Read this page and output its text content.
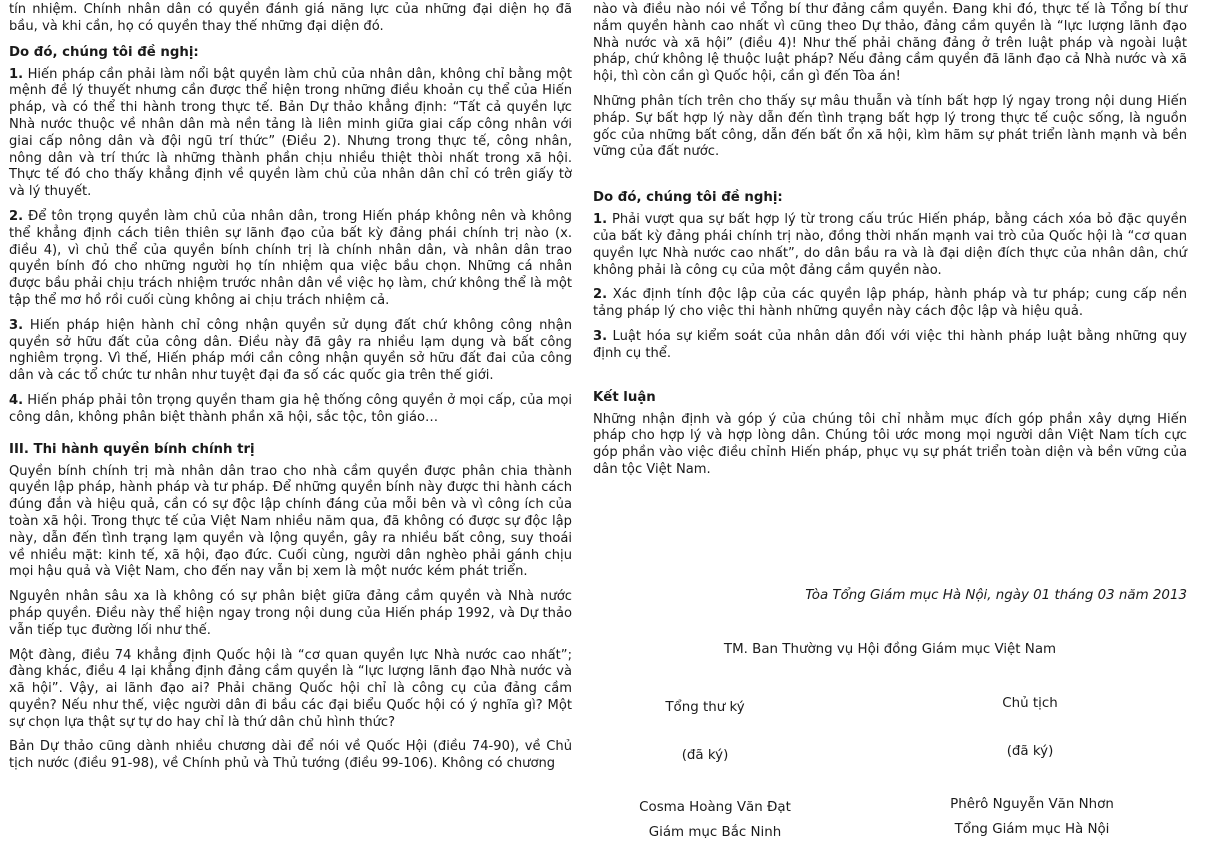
tín nhiệm. Chính nhân dân có quyền đánh giá năng lực của những đại diện họ đã bầu, và khi cần, họ có quyền thay thế những đại diện đó.

Do đó, chúng tôi đề nghị:

1. Hiến pháp cần phải làm nổi bật quyền làm chủ của nhân dân, không chỉ bằng một mệnh đề lý thuyết nhưng cần được thể hiện trong những điều khoản cụ thể của Hiến pháp, và có thể thi hành trong thực tế. Bản Dự thảo khẳng định: “Tất cả quyền lực Nhà nước thuộc về nhân dân mà nền tảng là liên minh giữa giai cấp công nhân với giai cấp nông dân và đội ngũ trí thức” (Điều 2). Nhưng trong thực tế, công nhân, nông dân và trí thức là những thành phần chịu nhiều thiệt thòi nhất trong xã hội. Thực tế đó cho thấy khẳng định về quyền làm chủ của nhân dân chỉ có trên giấy tờ và lý thuyết.

2. Để tôn trọng quyền làm chủ của nhân dân, trong Hiến pháp không nên và không thể khẳng định cách tiên thiên sự lãnh đạo của bất kỳ đảng phái chính trị nào (x. điều 4), vì chủ thể của quyền bính chính trị là chính nhân dân, và nhân dân trao quyền bính đó cho những người họ tín nhiệm qua việc bầu chọn. Những cá nhân được bầu phải chịu trách nhiệm trước nhân dân về việc họ làm, chứ không thể là một tập thể mơ hồ rồi cuối cùng không ai chịu trách nhiệm cả.

3. Hiến pháp hiện hành chỉ công nhận quyền sử dụng đất chứ không công nhận quyền sở hữu đất của công dân. Điều này đã gây ra nhiều lạm dụng và bất công nghiêm trọng. Vì thế, Hiến pháp mới cần công nhận quyền sở hữu đất đai của công dân và các tổ chức tư nhân như tuyệt đại đa số các quốc gia trên thế giới.

4. Hiến pháp phải tôn trọng quyền tham gia hệ thống công quyền ở mọi cấp, của mọi công dân, không phân biệt thành phần xã hội, sắc tộc, tôn giáo…

III. Thi hành quyền bính chính trị

Quyền bính chính trị mà nhân dân trao cho nhà cầm quyền được phân chia thành quyền lập pháp, hành pháp và tư pháp. Để những quyền bính này được thi hành cách đúng đắn và hiệu quả, cần có sự độc lập chính đáng của mỗi bên và vì công ích của toàn xã hội. Trong thực tế của Việt Nam nhiều năm qua, đã không có được sự độc lập này, dẫn đến tình trạng lạm quyền và lộng quyền, gây ra nhiều bất công, suy thoái về nhiều mặt: kinh tế, xã hội, đạo đức. Cuối cùng, người dân nghèo phải gánh chịu mọi hậu quả và Việt Nam, cho đến nay vẫn bị xem là một nước kém phát triển.

Nguyên nhân sâu xa là không có sự phân biệt giữa đảng cầm quyền và Nhà nước pháp quyền. Điều này thể hiện ngay trong nội dung của Hiến pháp 1992, và Dự thảo vẫn tiếp tục đường lối như thế.

Một đàng, điều 74 khẳng định Quốc hội là “cơ quan quyền lực Nhà nước cao nhất”; đàng khác, điều 4 lại khẳng định đảng cầm quyền là “lực lượng lãnh đạo Nhà nước và xã hội”. Vậy, ai lãnh đạo ai? Phải chăng Quốc hội chỉ là công cụ của đảng cầm quyền? Nếu như thế, việc người dân đi bầu các đại biểu Quốc hội có ý nghĩa gì? Một sự chọn lựa thật sự tự do hay chỉ là thứ dân chủ hình thức?

Bản Dự thảo cũng dành nhiều chương dài để nói về Quốc Hội (điều 74-90), về Chủ tịch nước (điều 91-98), về Chính phủ và Thủ tướng (điều 99-106). Không có chương

nào và điều nào nói về Tổng bí thư đảng cầm quyền. Đang khi đó, thực tế là Tổng bí thư nắm quyền hành cao nhất vì cũng theo Dự thảo, đảng cầm quyền là “lực lượng lãnh đạo Nhà nước và xã hội” (điều 4)! Như thế phải chăng đảng ở trên luật pháp và ngoài luật pháp, chứ không lệ thuộc luật pháp? Nếu đảng cầm quyền đã lãnh đạo cả Nhà nước và xã hội, thì còn cần gì Quốc hội, cần gì đến Tòa án!

Những phân tích trên cho thấy sự mâu thuẫn và tính bất hợp lý ngay trong nội dung Hiến pháp. Sự bất hợp lý này dẫn đến tình trạng bất hợp lý trong thực tế cuộc sống, là nguồn gốc của những bất công, dẫn đến bất ổn xã hội, kìm hãm sự phát triển lành mạnh và bền vững của đất nước.

Do đó, chúng tôi đề nghị:

1. Phải vượt qua sự bất hợp lý từ trong cấu trúc Hiến pháp, bằng cách xóa bỏ đặc quyền của bất kỳ đảng phái chính trị nào, đồng thời nhấn mạnh vai trò của Quốc hội là “cơ quan quyền lực Nhà nước cao nhất”, do dân bầu ra và là đại diện đích thực của nhân dân, chứ không phải là công cụ của một đảng cầm quyền nào.

2. Xác định tính độc lập của các quyền lập pháp, hành pháp và tư pháp; cung cấp nền tảng pháp lý cho việc thi hành những quyền này cách độc lập và hiệu quả.

3. Luật hóa sự kiểm soát của nhân dân đối với việc thi hành pháp luật bằng những quy định cụ thể.

Kết luận

Những nhận định và góp ý của chúng tôi chỉ nhằm mục đích góp phần xây dựng Hiến pháp cho hợp lý và hợp lòng dân. Chúng tôi ước mong mọi người dân Việt Nam tích cực góp phần vào việc điều chỉnh Hiến pháp, phục vụ sự phát triển toàn diện và bền vững của dân tộc Việt Nam.

Tòa Tổng Giám mục Hà Nội, ngày 01 tháng 03 năm 2013
TM. Ban Thường vụ Hội đồng Giám mục Việt Nam
Tổng thư ký	Chủ tịch
(đã ký)	(đã ký)
Cosma Hoàng Văn Đạt	Phêrô Nguyễn Văn Nhơn
Giám mục Bắc Ninh	Tổng Giám mục Hà Nội
